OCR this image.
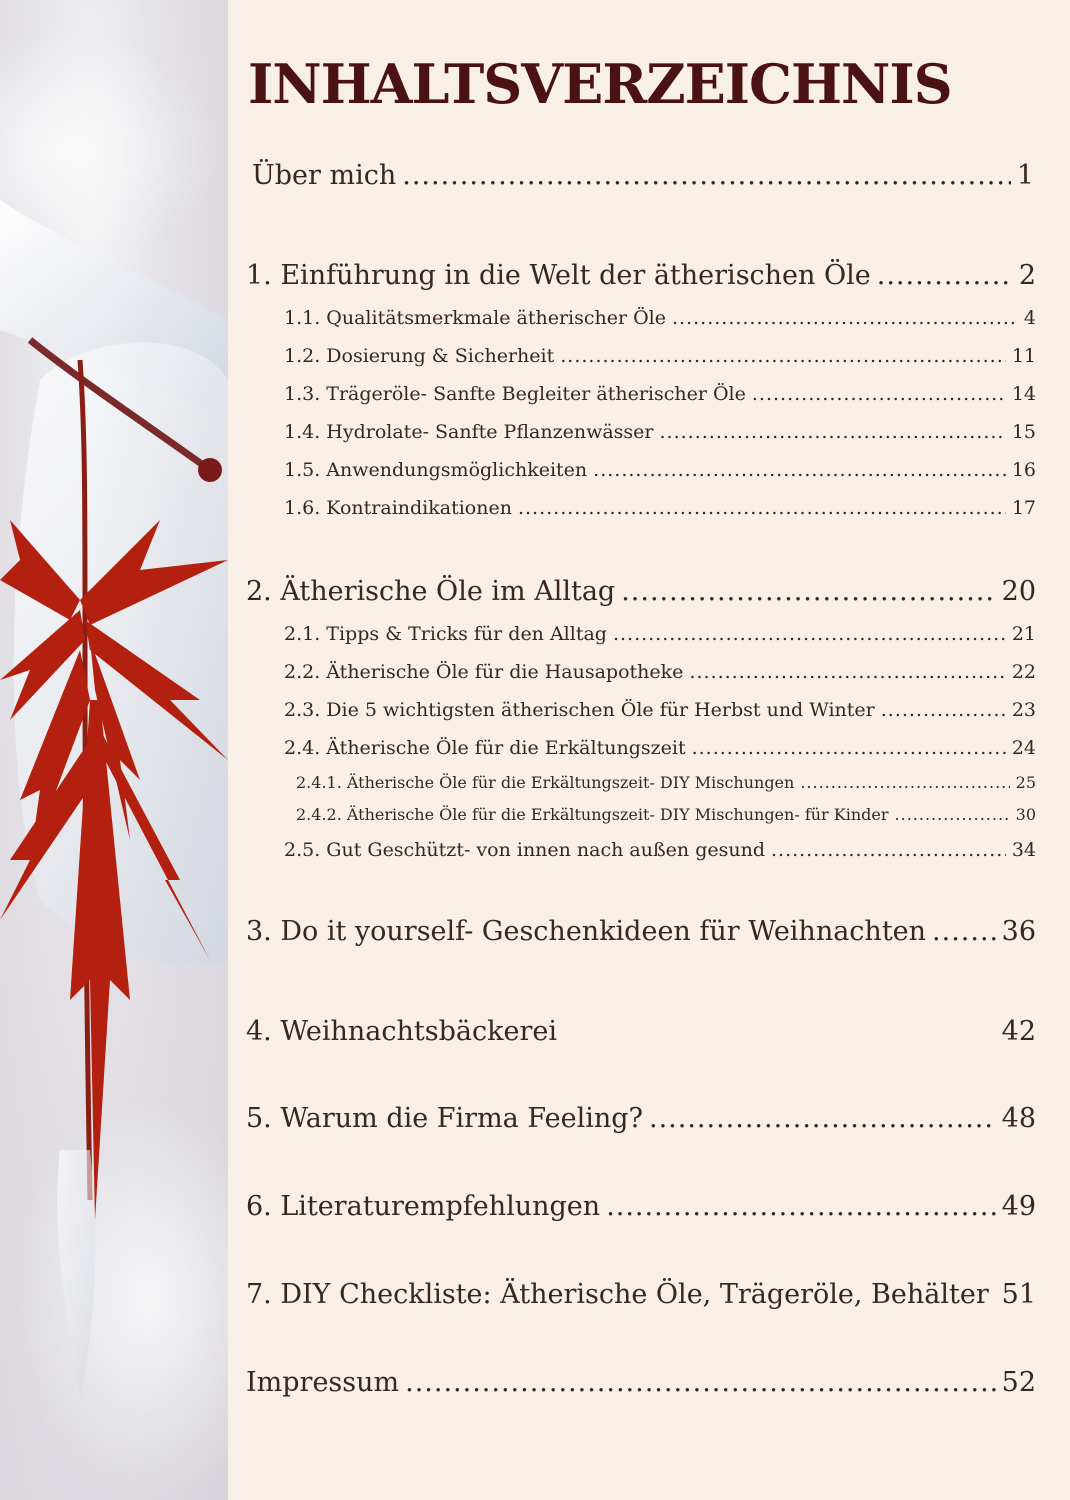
INHALTSVERZEICHNIS
Über mich .....	1
1. Einführung in die Welt der ätherischen Öle .....	2
1.1. Qualitätsmerkmale ätherischer Öle .....	4
1.2. Dosierung & Sicherheit .....	11
1.3. Trägeröle- Sanfte Begleiter ätherischer Öle .....	14
1.4. Hydrolate- Sanfte Pflanzenwässer .....	15
1.5. Anwendungsmöglichkeiten .....	16
1.6. Kontraindikationen .....	17
2. Ätherische Öle im Alltag .....	20
2.1. Tipps & Tricks für den Alltag .....	21
2.2. Ätherische Öle für die Hausapotheke .....	22
2.3. Die 5 wichtigsten ätherischen Öle für Herbst und Winter .....	23
2.4. Ätherische Öle für die Erkältungszeit .....	24
2.4.1. Ätherische Öle für die Erkältungszeit- DIY Mischungen .....	25
2.4.2. Ätherische Öle für die Erkältungszeit- DIY Mischungen- für Kinder .....	30
2.5. Gut Geschützt- von innen nach außen gesund .....	34
3. Do it yourself- Geschenkideen für Weihnachten .....	36
4. Weihnachtsbäckerei	42
5. Warum die Firma Feeling? .....	48
6. Literaturempfehlungen .....	49
7. DIY Checkliste: Ätherische Öle, Trägeröle, Behälter ..... 51
Impressum .....	52
